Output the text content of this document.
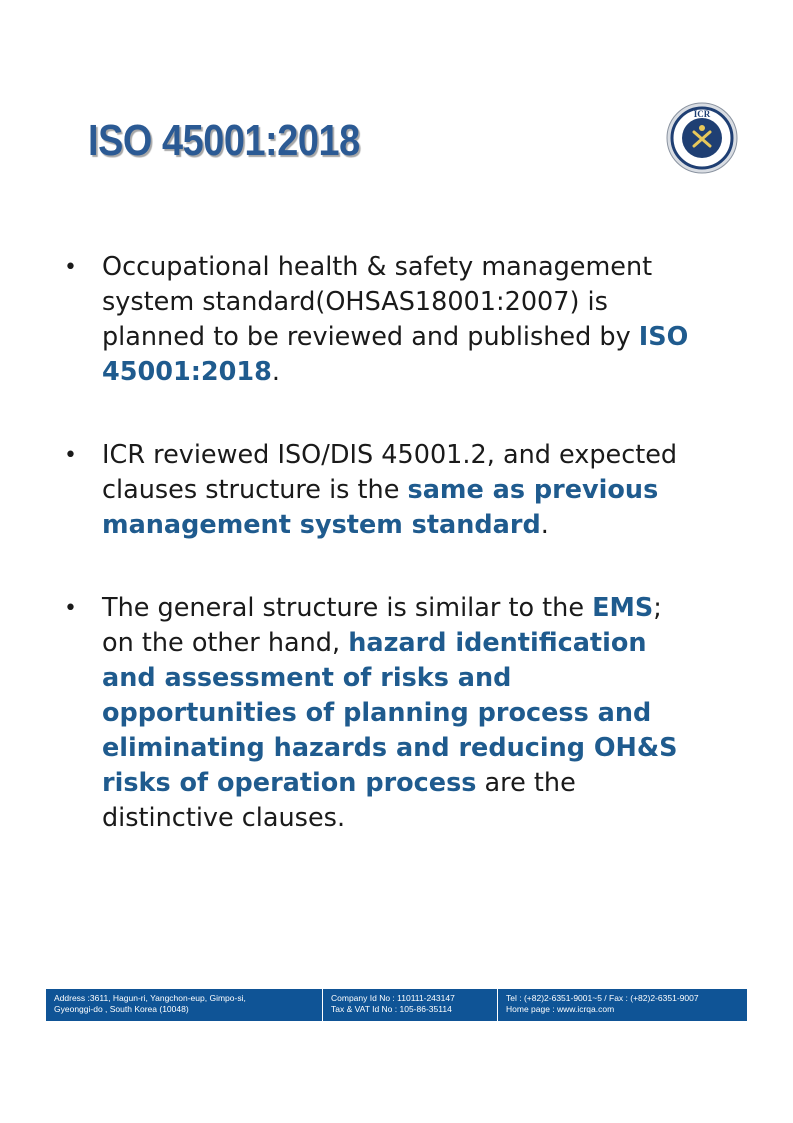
ISO 45001:2018
ICR
• Occupational health & safety management system standard(OHSAS18001:2007) is planned to be reviewed and published by ISO 45001:2018.
• ICR reviewed ISO/DIS 45001.2, and expected clauses structure is the same as previous management system standard.
• The general structure is similar to the EMS; on the other hand, hazard identification and assessment of risks and opportunities of planning process and eliminating hazards and reducing OH&S risks of operation process are the distinctive clauses.
Address :3611, Hagun-ri, Yangchon-eup, Gimpo-si,
Gyeonggi-do , South Korea (10048)
Company Id No : 110111-243147
Tax & VAT Id No : 105-86-35114
Tel : (+82)2-6351-9001~5 / Fax : (+82)2-6351-9007
Home page : www.icrqa.com
